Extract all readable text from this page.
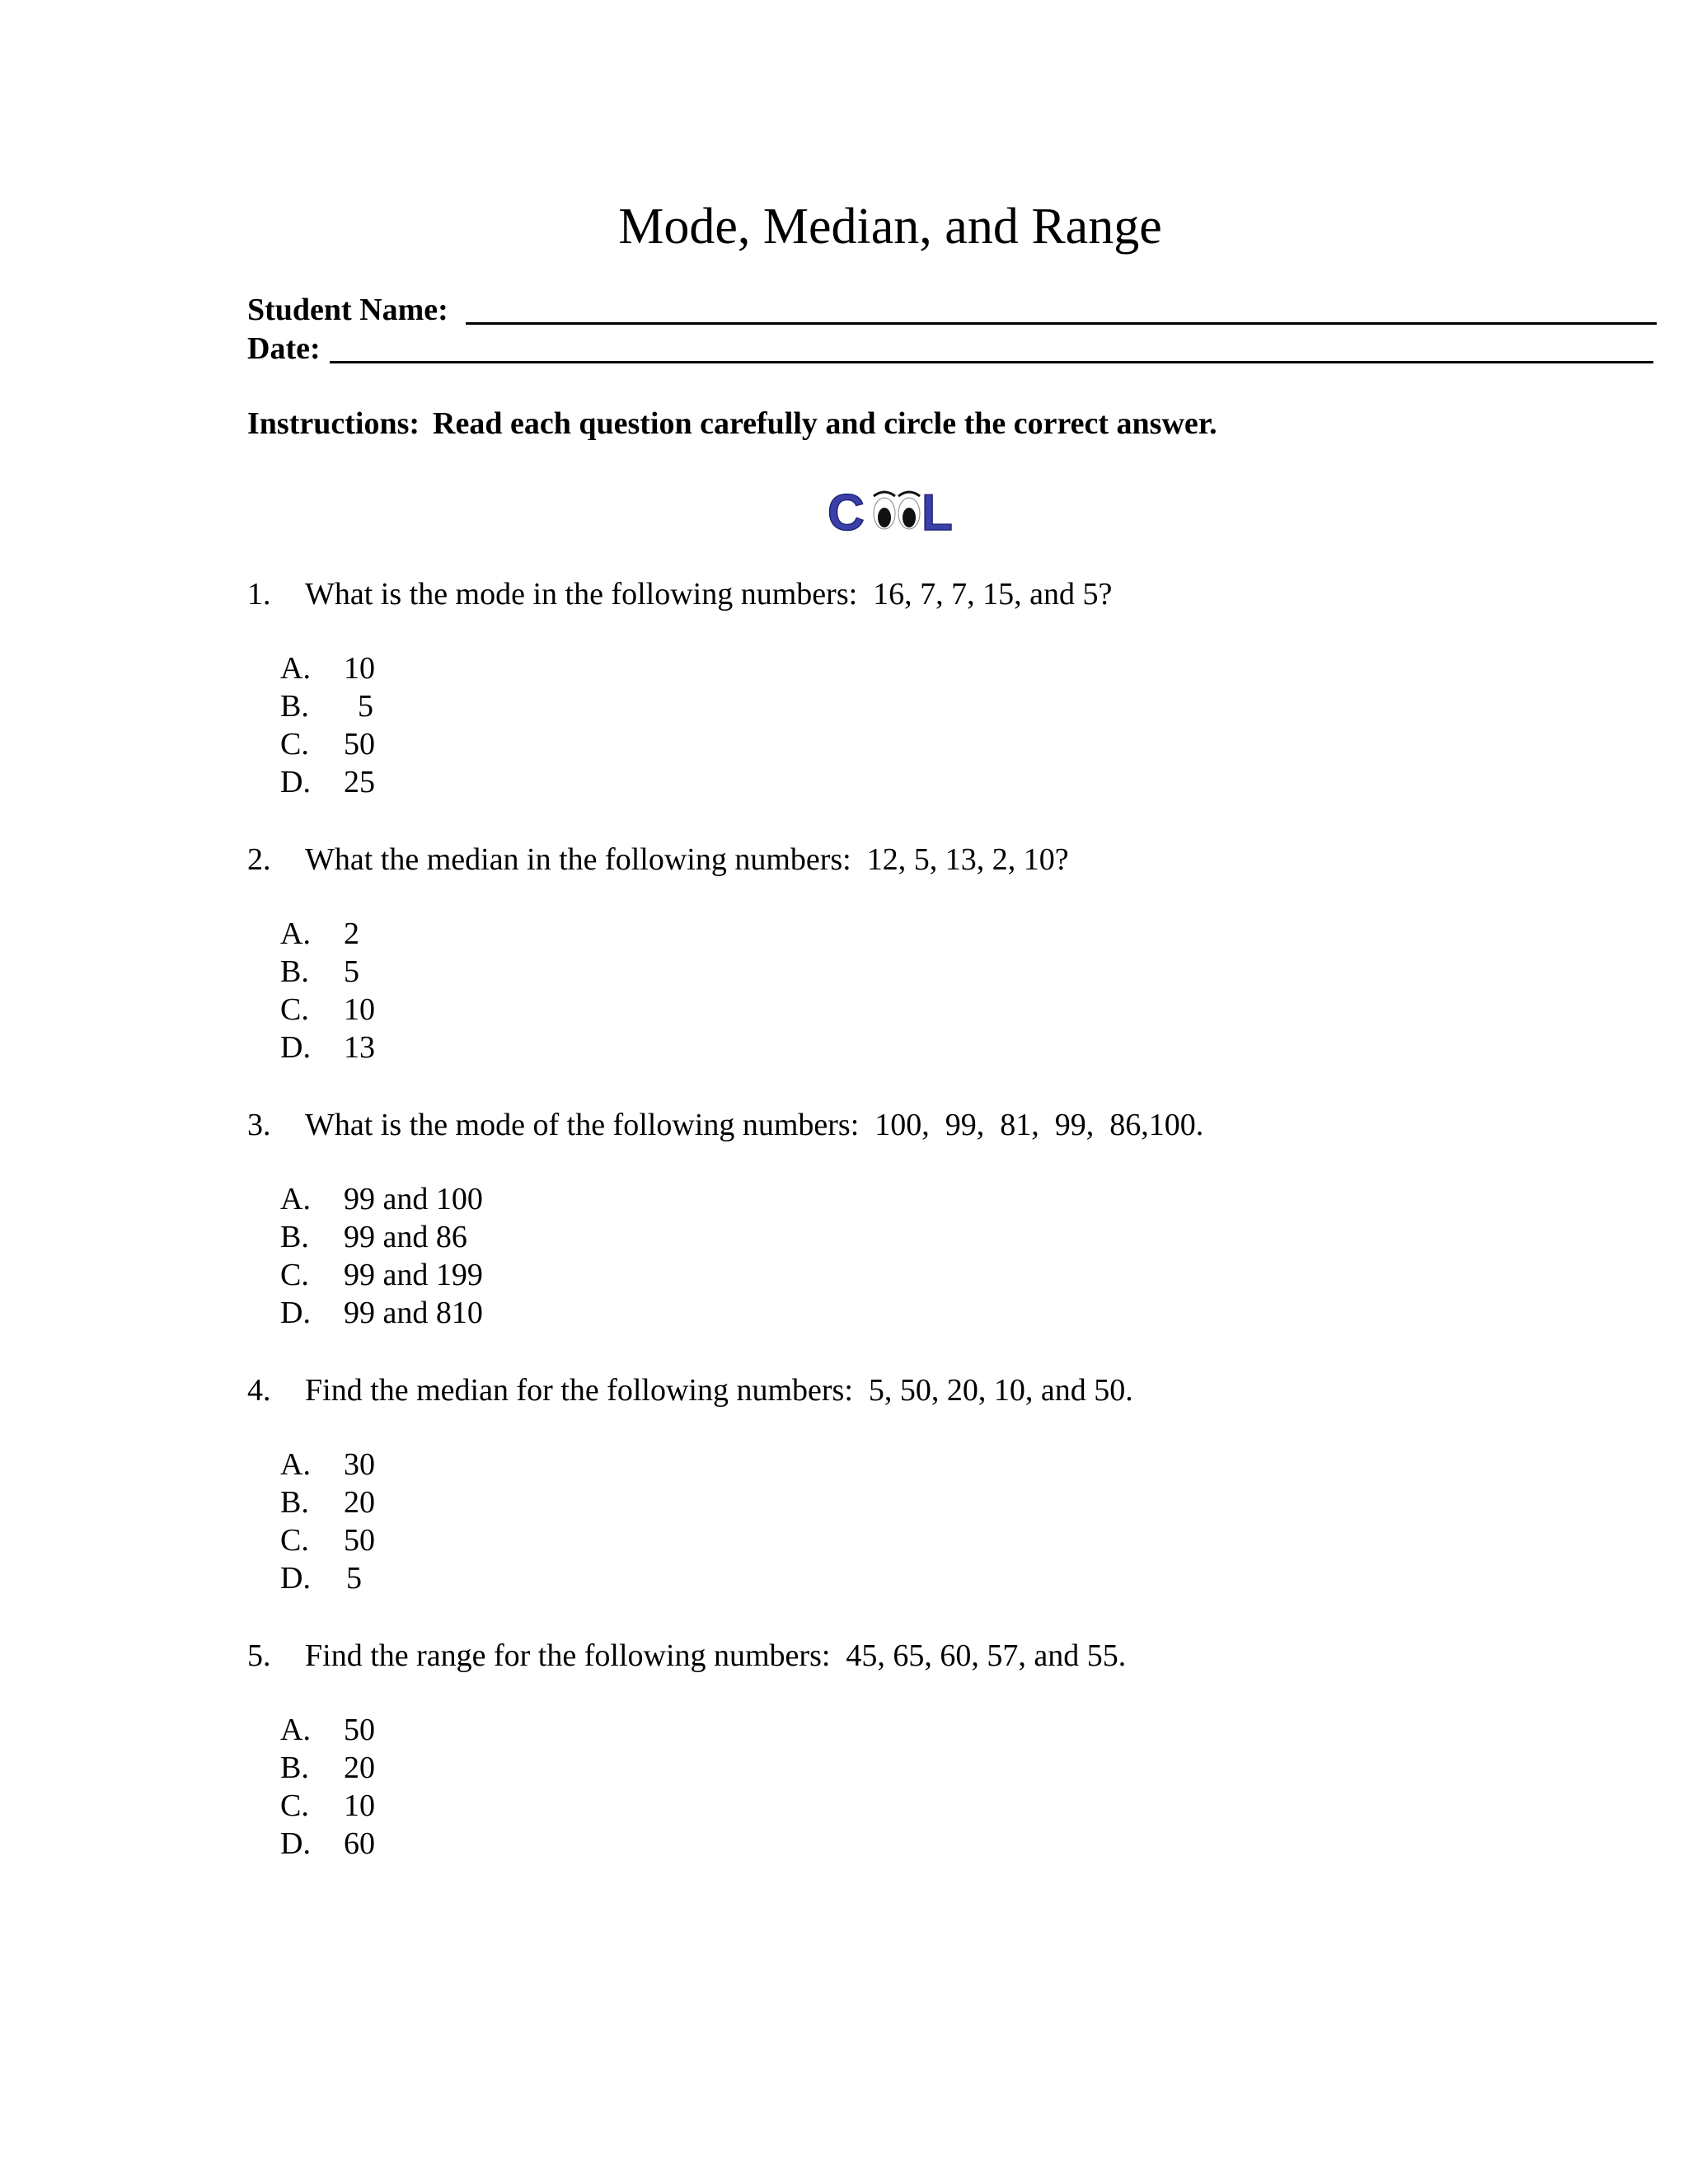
Mode, Median, and Range
Student Name:
Date:
Instructions: Read each question carefully and circle the correct answer.
C L
1. What is the mode in the following numbers:  16, 7, 7, 15, and 5?
A. 10
B. 5
C. 50
D. 25
2. What the median in the following numbers:  12, 5, 13, 2, 10?
A. 2
B. 5
C. 10
D. 13
3. What is the mode of the following numbers:  100,  99,  81,  99,  86,100.
A. 99 and 100
B. 99 and 86
C. 99 and 199
D. 99 and 810
4. Find the median for the following numbers:  5, 50, 20, 10, and 50.
A. 30
B. 20
C. 50
D. 5
5. Find the range for the following numbers:  45, 65, 60, 57, and 55.
A. 50
B. 20
C. 10
D. 60
